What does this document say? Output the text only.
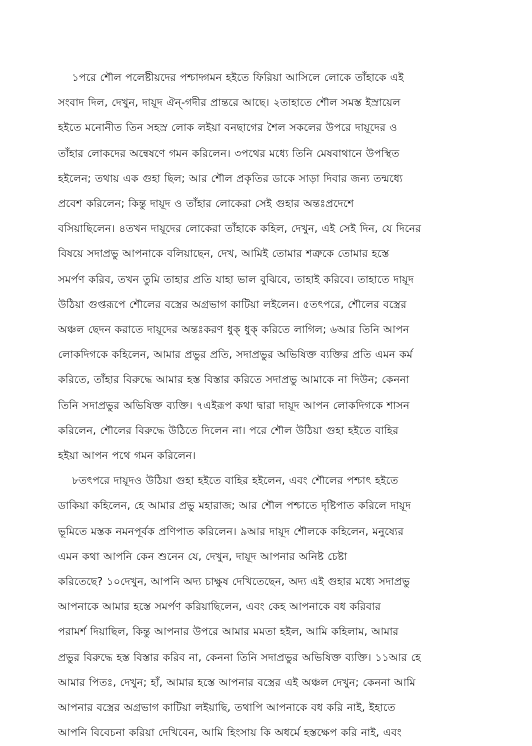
১পরে শৌল পলেষ্টীয়দের পশ্চাদ্গমন হইতে ফিরিয়া আসিলে লোকে তাঁহাকে এই
সংবাদ দিল, দেখুন, দায়ূদ ঐন্‌-গদীর প্রান্তরে আছে। ২তাহাতে শৌল সমস্ত ইস্রায়েল
হইতে মনোনীত তিন সহস্র লোক লইয়া বনছাগের শৈল সকলের উপরে দায়ূদের ও
তাঁহার লোকদের অন্বেষণে গমন করিলেন। ৩পথের মধ্যে তিনি মেষবাথানে উপস্থিত
হইলেন; তথায় এক গুহা ছিল; আর শৌল প্রকৃতির ডাকে সাড়া দিবার জন্য তন্মধ্যে
প্রবেশ করিলেন; কিন্তু দায়ূদ ও তাঁহার লোকেরা সেই গুহার অন্তঃপ্রদেশে
বসিয়াছিলেন। ৪তখন দায়ূদের লোকেরা তাঁহাকে কহিল, দেখুন, এই সেই দিন, যে দিনের
বিষয়ে সদাপ্রভু আপনাকে বলিয়াছেন, দেখ, আমিই তোমার শত্রুকে তোমার হস্তে
সমর্পণ করিব, তখন তুমি তাহার প্রতি যাহা ভাল বুঝিবে, তাহাই করিবে। তাহাতে দায়ূদ
উঠিয়া গুপ্তরূপে শৌলের বস্ত্রের অগ্রভাগ কাটিয়া লইলেন। ৫তৎপরে, শৌলের বস্ত্রের
অঞ্চল ছেদন করাতে দায়ূদের অন্তঃকরণ ধুক্‌ ধুক্‌ করিতে লাগিল; ৬আর তিনি আপন
লোকদিগকে কহিলেন, আমার প্রভুর প্রতি, সদাপ্রভুর অভিষিক্ত ব্যক্তির প্রতি এমন কর্ম
করিতে, তাঁহার বিরুদ্ধে আমার হস্ত বিস্তার করিতে সদাপ্রভু আমাকে না দিউন; কেননা
তিনি সদাপ্রভুর অভিষিক্ত ব্যক্তি। ৭এইরূপ কথা দ্বারা দায়ূদ আপন লোকদিগকে শাসন
করিলেন, শৌলের বিরুদ্ধে উঠিতে দিলেন না। পরে শৌল উঠিয়া গুহা হইতে বাহির
হইয়া আপন পথে গমন করিলেন।
৮তৎপরে দায়ূদও উঠিয়া গুহা হইতে বাহির হইলেন, এবং শৌলের পশ্চাৎ হইতে
ডাকিয়া কহিলেন, হে আমার প্রভু মহারাজ; আর শৌল পশ্চাতে দৃষ্টিপাত করিলে দায়ূদ
ভূমিতে মস্তক নমনপূর্বক প্রণিপাত করিলেন। ৯আর দায়ূদ শৌলকে কহিলেন, মনুষ্যের
এমন কথা আপনি কেন শুনেন যে, দেখুন, দায়ূদ আপনার অনিষ্ট চেষ্টা
করিতেছে? ১০দেখুন, আপনি অদ্য চাক্ষুষ দেখিতেছেন, অদ্য এই গুহার মধ্যে সদাপ্রভু
আপনাকে আমার হস্তে সমর্পণ করিয়াছিলেন, এবং কেহ আপনাকে বধ করিবার
পরামর্শ দিয়াছিল, কিন্তু আপনার উপরে আমার মমতা হইল, আমি কহিলাম, আমার
প্রভুর বিরুদ্ধে হস্ত বিস্তার করিব না, কেননা তিনি সদাপ্রভুর অভিষিক্ত ব্যক্তি। ১১আর হে
আমার পিতঃ, দেখুন; হাঁ, আমার হস্তে আপনার বস্ত্রের এই অঞ্চল দেখুন; কেননা আমি
আপনার বস্ত্রের অগ্রভাগ কাটিয়া লইয়াছি, তথাপি আপনাকে বধ করি নাই, ইহাতে
আপনি বিবেচনা করিয়া দেখিবেন, আমি হিংসায় কি অধর্মে হস্তক্ষেপ করি নাই, এবং
